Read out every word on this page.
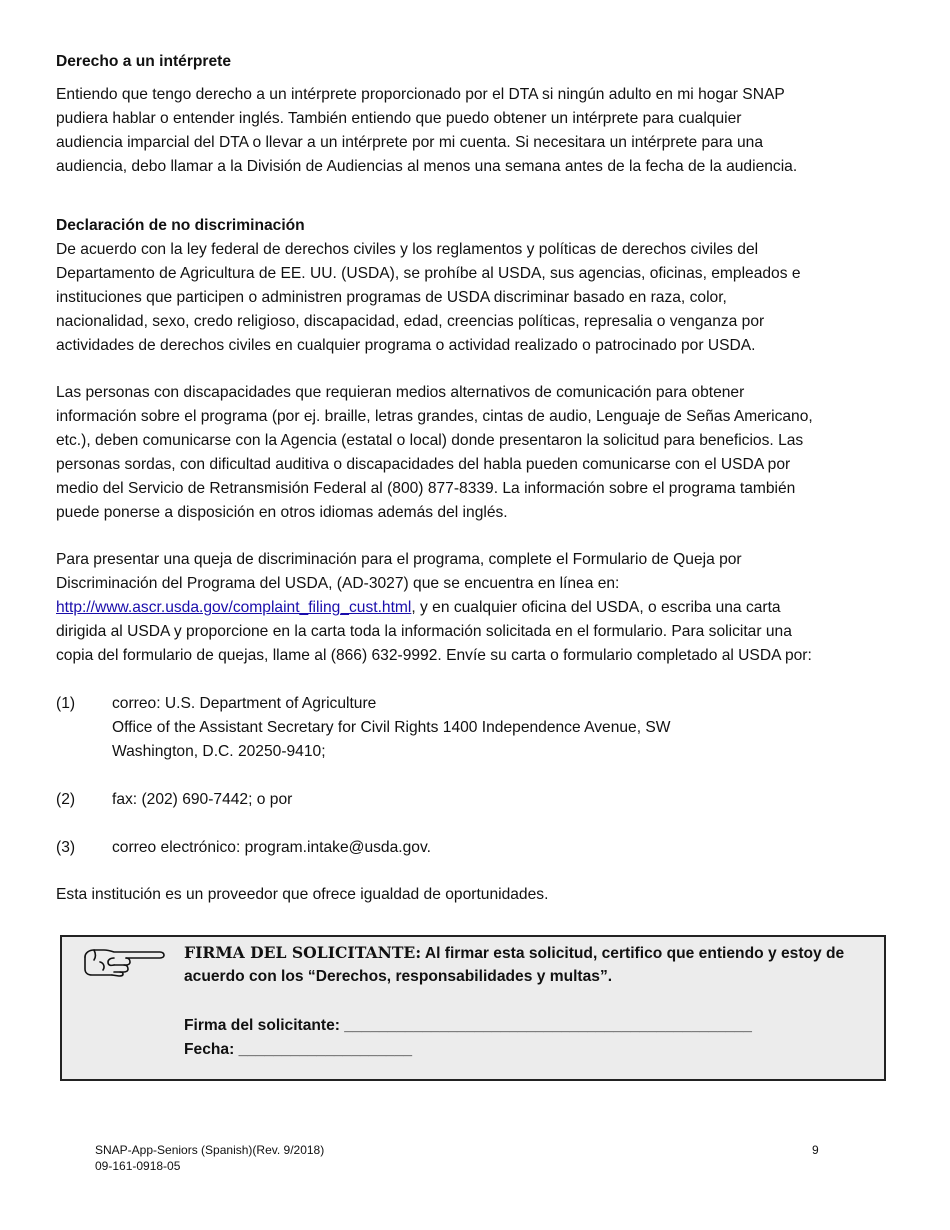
Derecho a un intérprete
Entiendo que tengo derecho a un intérprete proporcionado por el DTA si ningún adulto en mi hogar SNAP
pudiera hablar o entender inglés. También entiendo que puedo obtener un intérprete para cualquier
audiencia imparcial del DTA o llevar a un intérprete por mi cuenta. Si necesitara un intérprete para una
audiencia, debo llamar a la División de Audiencias al menos una semana antes de la fecha de la audiencia.
Declaración de no discriminación
De acuerdo con la ley federal de derechos civiles y los reglamentos y políticas de derechos civiles del
Departamento de Agricultura de EE. UU. (USDA), se prohíbe al USDA, sus agencias, oficinas, empleados e
instituciones que participen o administren programas de USDA discriminar basado en raza, color,
nacionalidad, sexo, credo religioso, discapacidad, edad, creencias políticas, represalia o venganza por
actividades de derechos civiles en cualquier programa o actividad realizado o patrocinado por USDA.
Las personas con discapacidades que requieran medios alternativos de comunicación para obtener
información sobre el programa (por ej. braille, letras grandes, cintas de audio, Lenguaje de Señas Americano,
etc.), deben comunicarse con la Agencia (estatal o local) donde presentaron la solicitud para beneficios. Las
personas sordas, con dificultad auditiva o discapacidades del habla pueden comunicarse con el USDA por
medio del Servicio de Retransmisión Federal al (800) 877-8339. La información sobre el programa también
puede ponerse a disposición en otros idiomas además del inglés.
Para presentar una queja de discriminación para el programa, complete el Formulario de Queja por
Discriminación del Programa del USDA, (AD-3027) que se encuentra en línea en:
http://www.ascr.usda.gov/complaint_filing_cust.html, y en cualquier oficina del USDA, o escriba una carta
dirigida al USDA y proporcione en la carta toda la información solicitada en el formulario. Para solicitar una
copia del formulario de quejas, llame al (866) 632-9992. Envíe su carta o formulario completado al USDA por:
(1) correo: U.S. Department of Agriculture
Office of the Assistant Secretary for Civil Rights 1400 Independence Avenue, SW
Washington, D.C. 20250-9410;
(2) fax: (202) 690-7442; o por
(3) correo electrónico: program.intake@usda.gov.
Esta institución es un proveedor que ofrece igualdad de oportunidades.
FIRMA DEL SOLICITANTE: Al firmar esta solicitud, certifico que entiendo y estoy de
acuerdo con los “Derechos, responsabilidades y multas”.
Firma del solicitante: _______________________________________________
Fecha: ____________________
SNAP-App-Seniors (Spanish)(Rev. 9/2018)
09-161-0918-05
9
